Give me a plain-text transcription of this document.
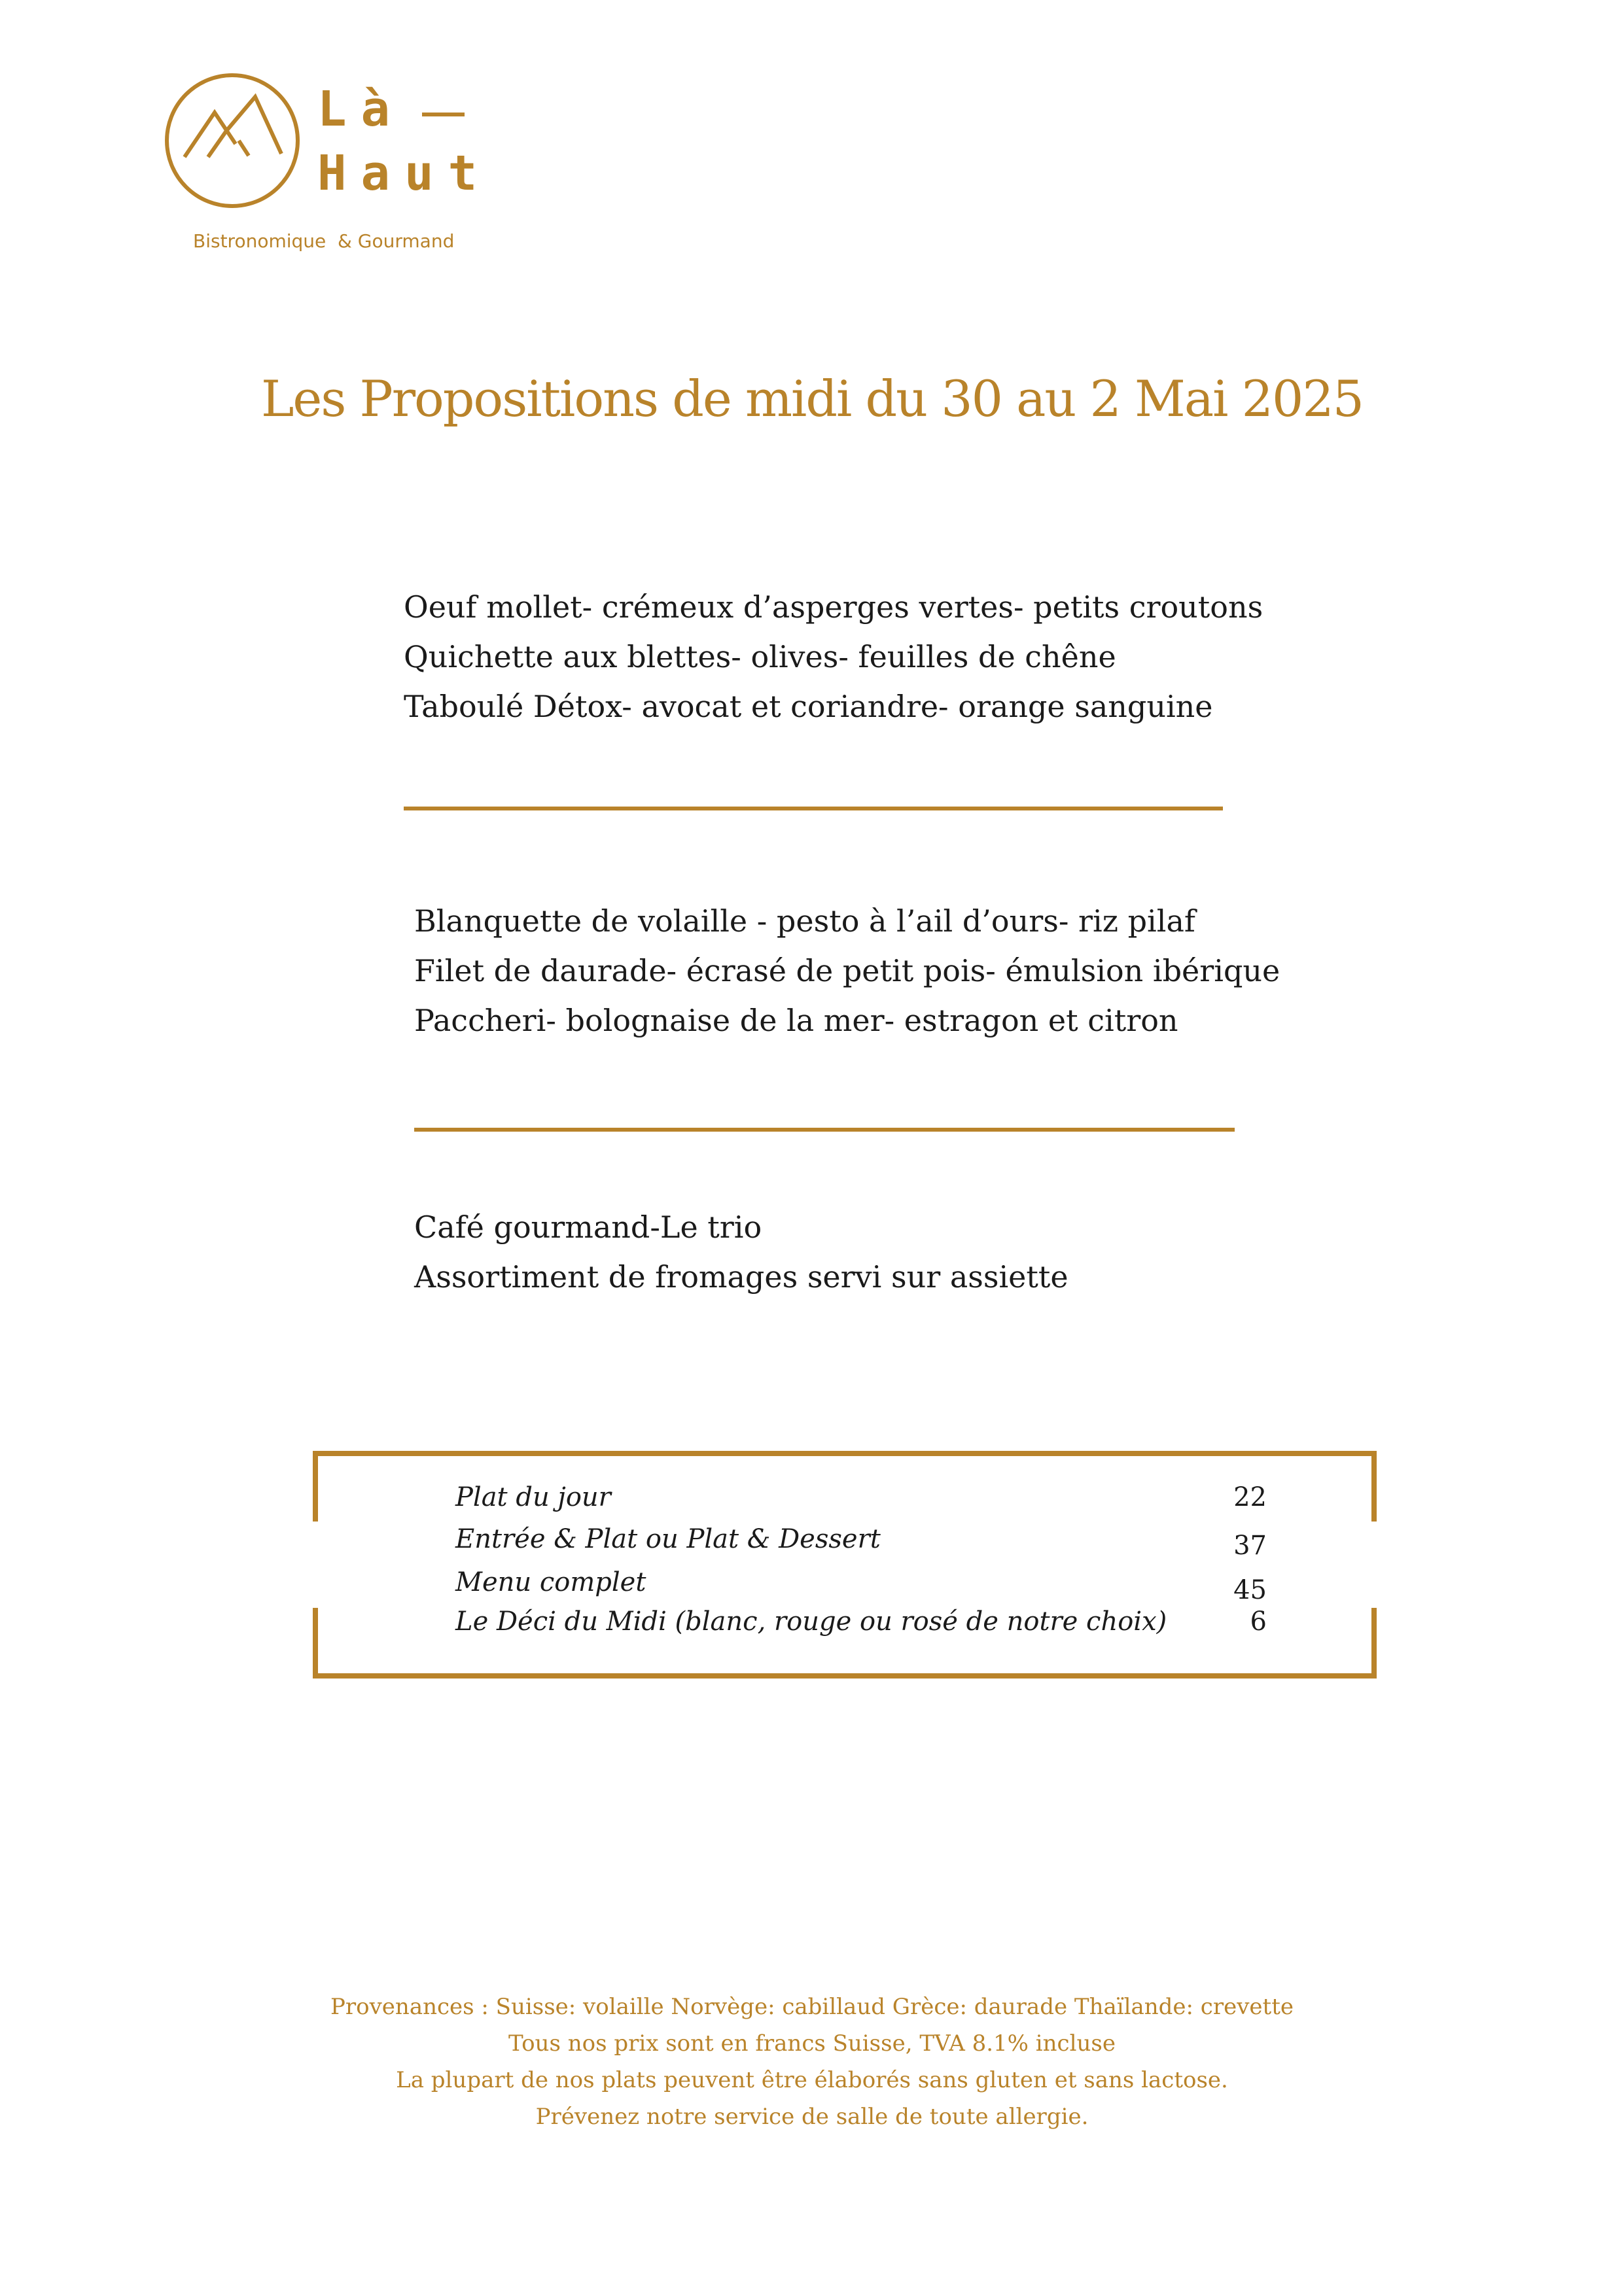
Là
Haut
Bistronomique  & Gourmand
Les Propositions de midi du 30 au 2 Mai 2025
Oeuf mollet- crémeux d’asperges vertes- petits croutons
Quichette aux blettes- olives- feuilles de chêne
Taboulé Détox- avocat et coriandre- orange sanguine
Blanquette de volaille - pesto à l’ail d’ours- riz pilaf
Filet de daurade- écrasé de petit pois- émulsion ibérique
Paccheri- bolognaise de la mer- estragon et citron
Café gourmand-Le trio
Assortiment de fromages servi sur assiette
Plat du jour	22
Entrée & Plat ou Plat & Dessert	37
Menu complet	45
Le Déci du Midi (blanc, rouge ou rosé de notre choix)	6
Provenances : Suisse: volaille Norvège: cabillaud Grèce: daurade Thaïlande: crevette
Tous nos prix sont en francs Suisse, TVA 8.1% incluse
La plupart de nos plats peuvent être élaborés sans gluten et sans lactose.
Prévenez notre service de salle de toute allergie.
